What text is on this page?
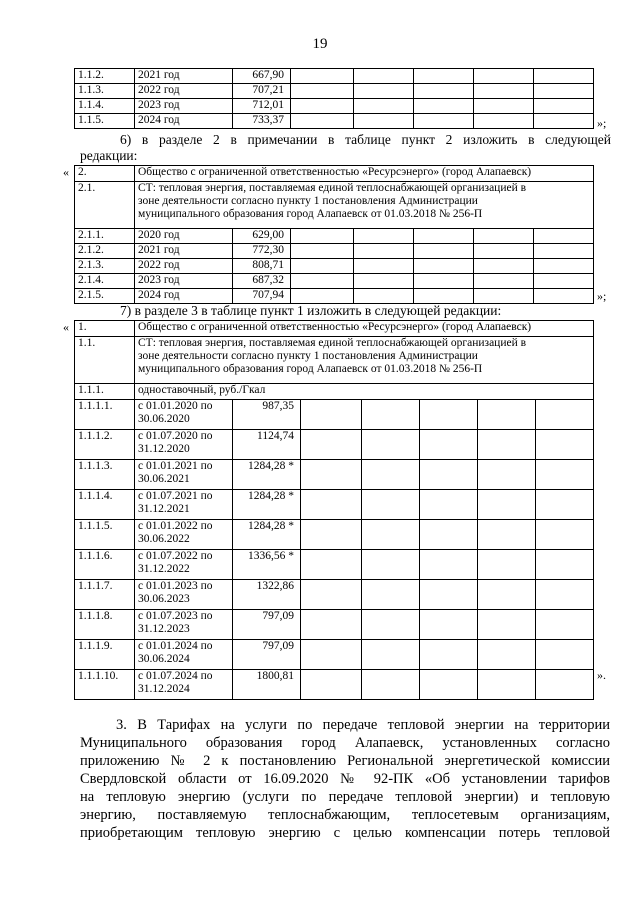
19
1.1.2.	2021 год	667,90					
1.1.3.	2022 год	707,21					
1.1.4.	2023 год	712,01					
1.1.5.	2024 год	733,37						»;
6) в разделе 2 в примечании в таблице пункт 2 изложить в следующей
редакции:
« 2.	Общество с ограниченной ответственностью «Ресурсэнерго» (город Алапаевск)						
2.1.	СТ: тепловая энергия, поставляемая единой теплоснабжающей организацией в
зоне деятельности согласно пункту 1 постановления Администрации
муниципального образования город Алапаевск от 01.03.2018 № 256-П						

2.1.1.	2020 год	629,00					
2.1.2.	2021 год	772,30					
2.1.3.	2022 год	808,71					
2.1.4.	2023 год	687,32					
2.1.5.	2024 год	707,94						»;
7) в разделе 3 в таблице пункт 1 изложить в следующей редакции:
« 1.	Общество с ограниченной ответственностью «Ресурсэнерго» (город Алапаевск)						
1.1.	СТ: тепловая энергия, поставляемая единой теплоснабжающей организацией в
зоне деятельности согласно пункту 1 постановления Администрации
муниципального образования город Алапаевск от 01.03.2018 № 256-П						

1.1.1.	одноставочный, руб./Гкал						
1.1.1.1.	с 01.01.2020 по
30.06.2020	987,35					
1.1.1.2.	с 01.07.2020 по
31.12.2020	1124,74					
1.1.1.3.	с 01.01.2021 по
30.06.2021	1284,28 *					
1.1.1.4.	с 01.07.2021 по
31.12.2021	1284,28 *					
1.1.1.5.	с 01.01.2022 по
30.06.2022	1284,28 *					
1.1.1.6.	с 01.07.2022 по
31.12.2022	1336,56 *					
1.1.1.7.	с 01.01.2023 по
30.06.2023	1322,86					
1.1.1.8.	с 01.07.2023 по
31.12.2023	797,09					
1.1.1.9.	с 01.01.2024 по
30.06.2024	797,09					
1.1.1.10.	с 01.07.2024 по
31.12.2024	1800,81						».
3. В Тарифах на услуги по передаче тепловой энергии на территории
Муниципального образования город Алапаевск, установленных согласно
приложению № 2 к постановлению Региональной энергетической комиссии
Свердловской области от 16.09.2020 № 92-ПК «Об установлении тарифов
на тепловую энергию (услуги по передаче тепловой энергии) и тепловую
энергию, поставляемую теплоснабжающим, теплосетевым организациям,
приобретающим тепловую энергию с целью компенсации потерь тепловой
